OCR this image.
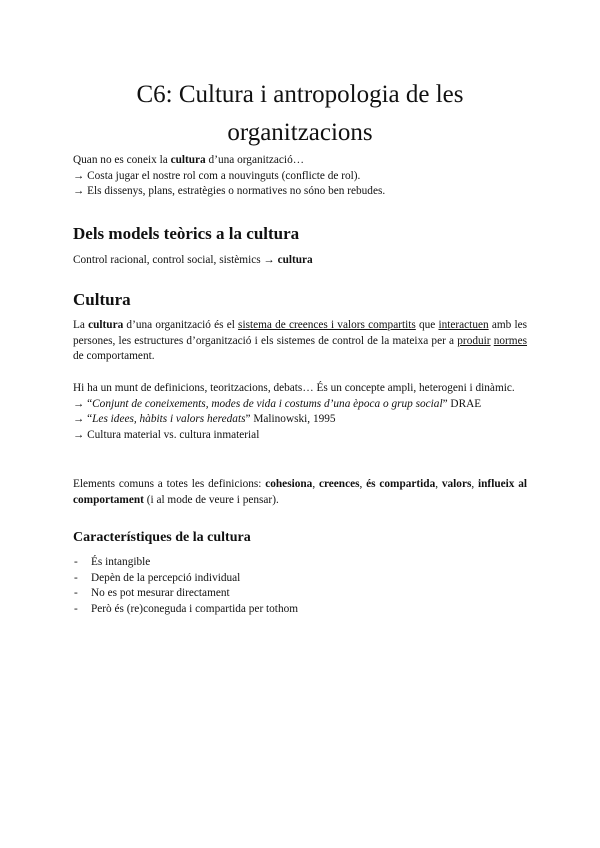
C6: Cultura i antropologia de les
organitzacions

Quan no es coneix la cultura d’una organització…

→ Costa jugar el nostre rol com a nouvinguts (conflicte de rol).

→ Els dissenys, plans, estratègies o normatives no sóno ben rebudes.

Dels models teòrics a la cultura

Control racional, control social, sistèmics → cultura

Cultura

La cultura d’una organització és el sistema de creences i valors compartits que interactuen amb les persones, les estructures d’organització i els sistemes de control de la mateixa per a produir normes de comportament.

Hi ha un munt de definicions, teoritzacions, debats… És un concepte ampli, heterogeni i dinàmic.

→ “Conjunt de coneixements, modes de vida i costums d’una època o grup social” DRAE

→ “Les idees, hàbits i valors heredats” Malinowski, 1995

→ Cultura material vs. cultura inmaterial

Elements comuns a totes les definicions: cohesiona, creences, és compartida, valors, influeix al comportament (i al mode de veure i pensar).

Característiques de la cultura
- És intangible
- Depèn de la percepció individual
- No es pot mesurar directament
- Però és (re)coneguda i compartida per tothom
